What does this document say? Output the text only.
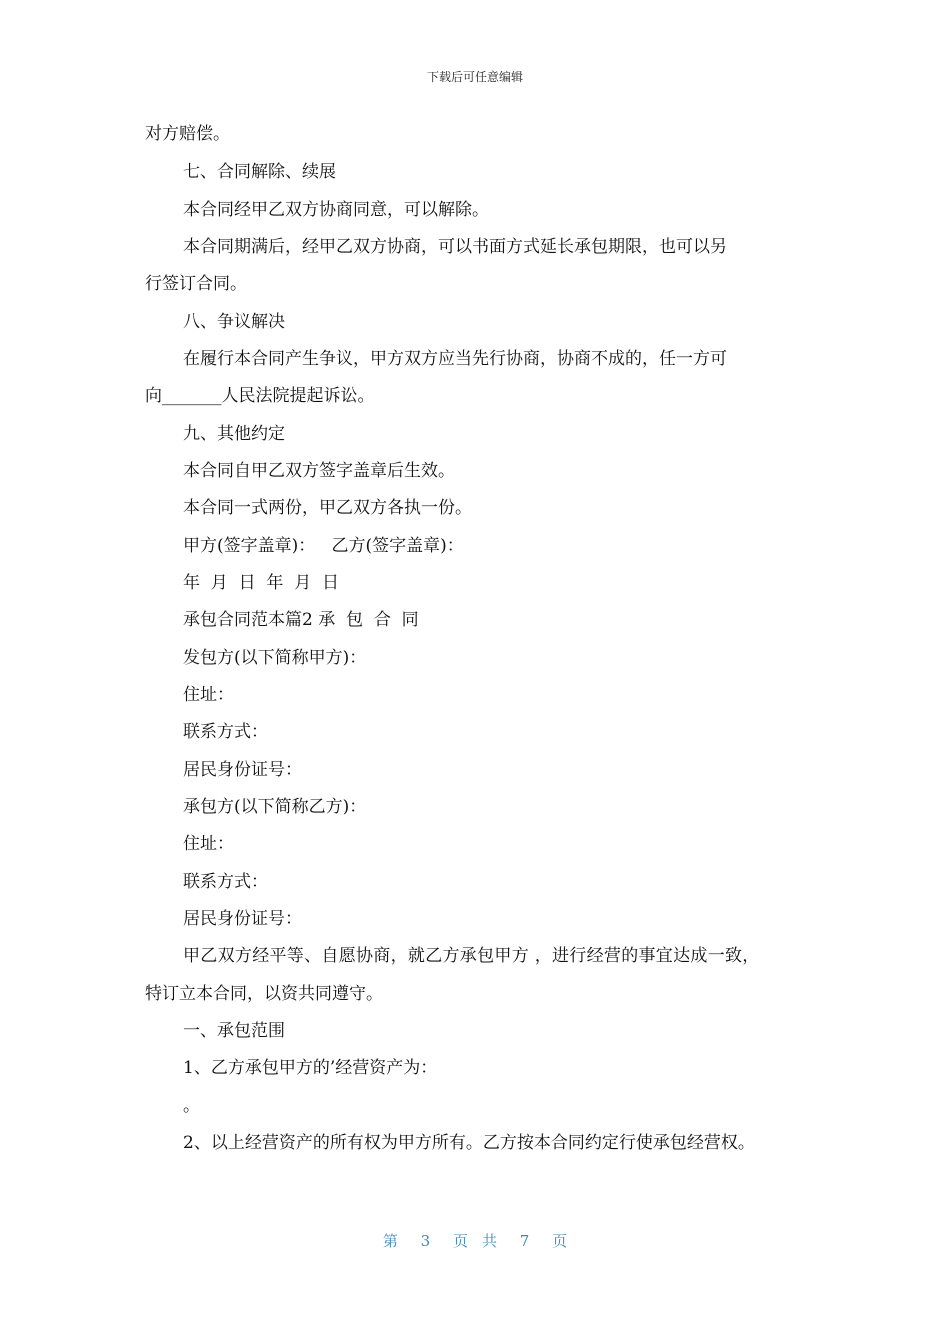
下载后可任意编辑
对方赔偿。
七、合同解除、续展
本合同经甲乙双方协商同意，可以解除。
本合同期满后，经甲乙双方协商，可以书面方式延长承包期限，也可以另
行签订合同。
八、争议解决
在履行本合同产生争议，甲方双方应当先行协商，协商不成的，任一方可
向_______人民法院提起诉讼。
九、其他约定
本合同自甲乙双方签字盖章后生效。
本合同一式两份，甲乙双方各执一份。
甲方(签字盖章)：   乙方(签字盖章)：
年  月  日  年  月  日
承包合同范本篇2 承  包  合  同
发包方(以下简称甲方)：
住址：
联系方式：
居民身份证号：
承包方(以下简称乙方)：
住址：
联系方式：
居民身份证号：
甲乙双方经平等、自愿协商，就乙方承包甲方 ，进行经营的事宜达成一致，
特订立本合同，以资共同遵守。
一、承包范围
1、乙方承包甲方的’经营资产为：
。
2、以上经营资产的所有权为甲方所有。乙方按本合同约定行使承包经营权。
第 3 页共 7 页
